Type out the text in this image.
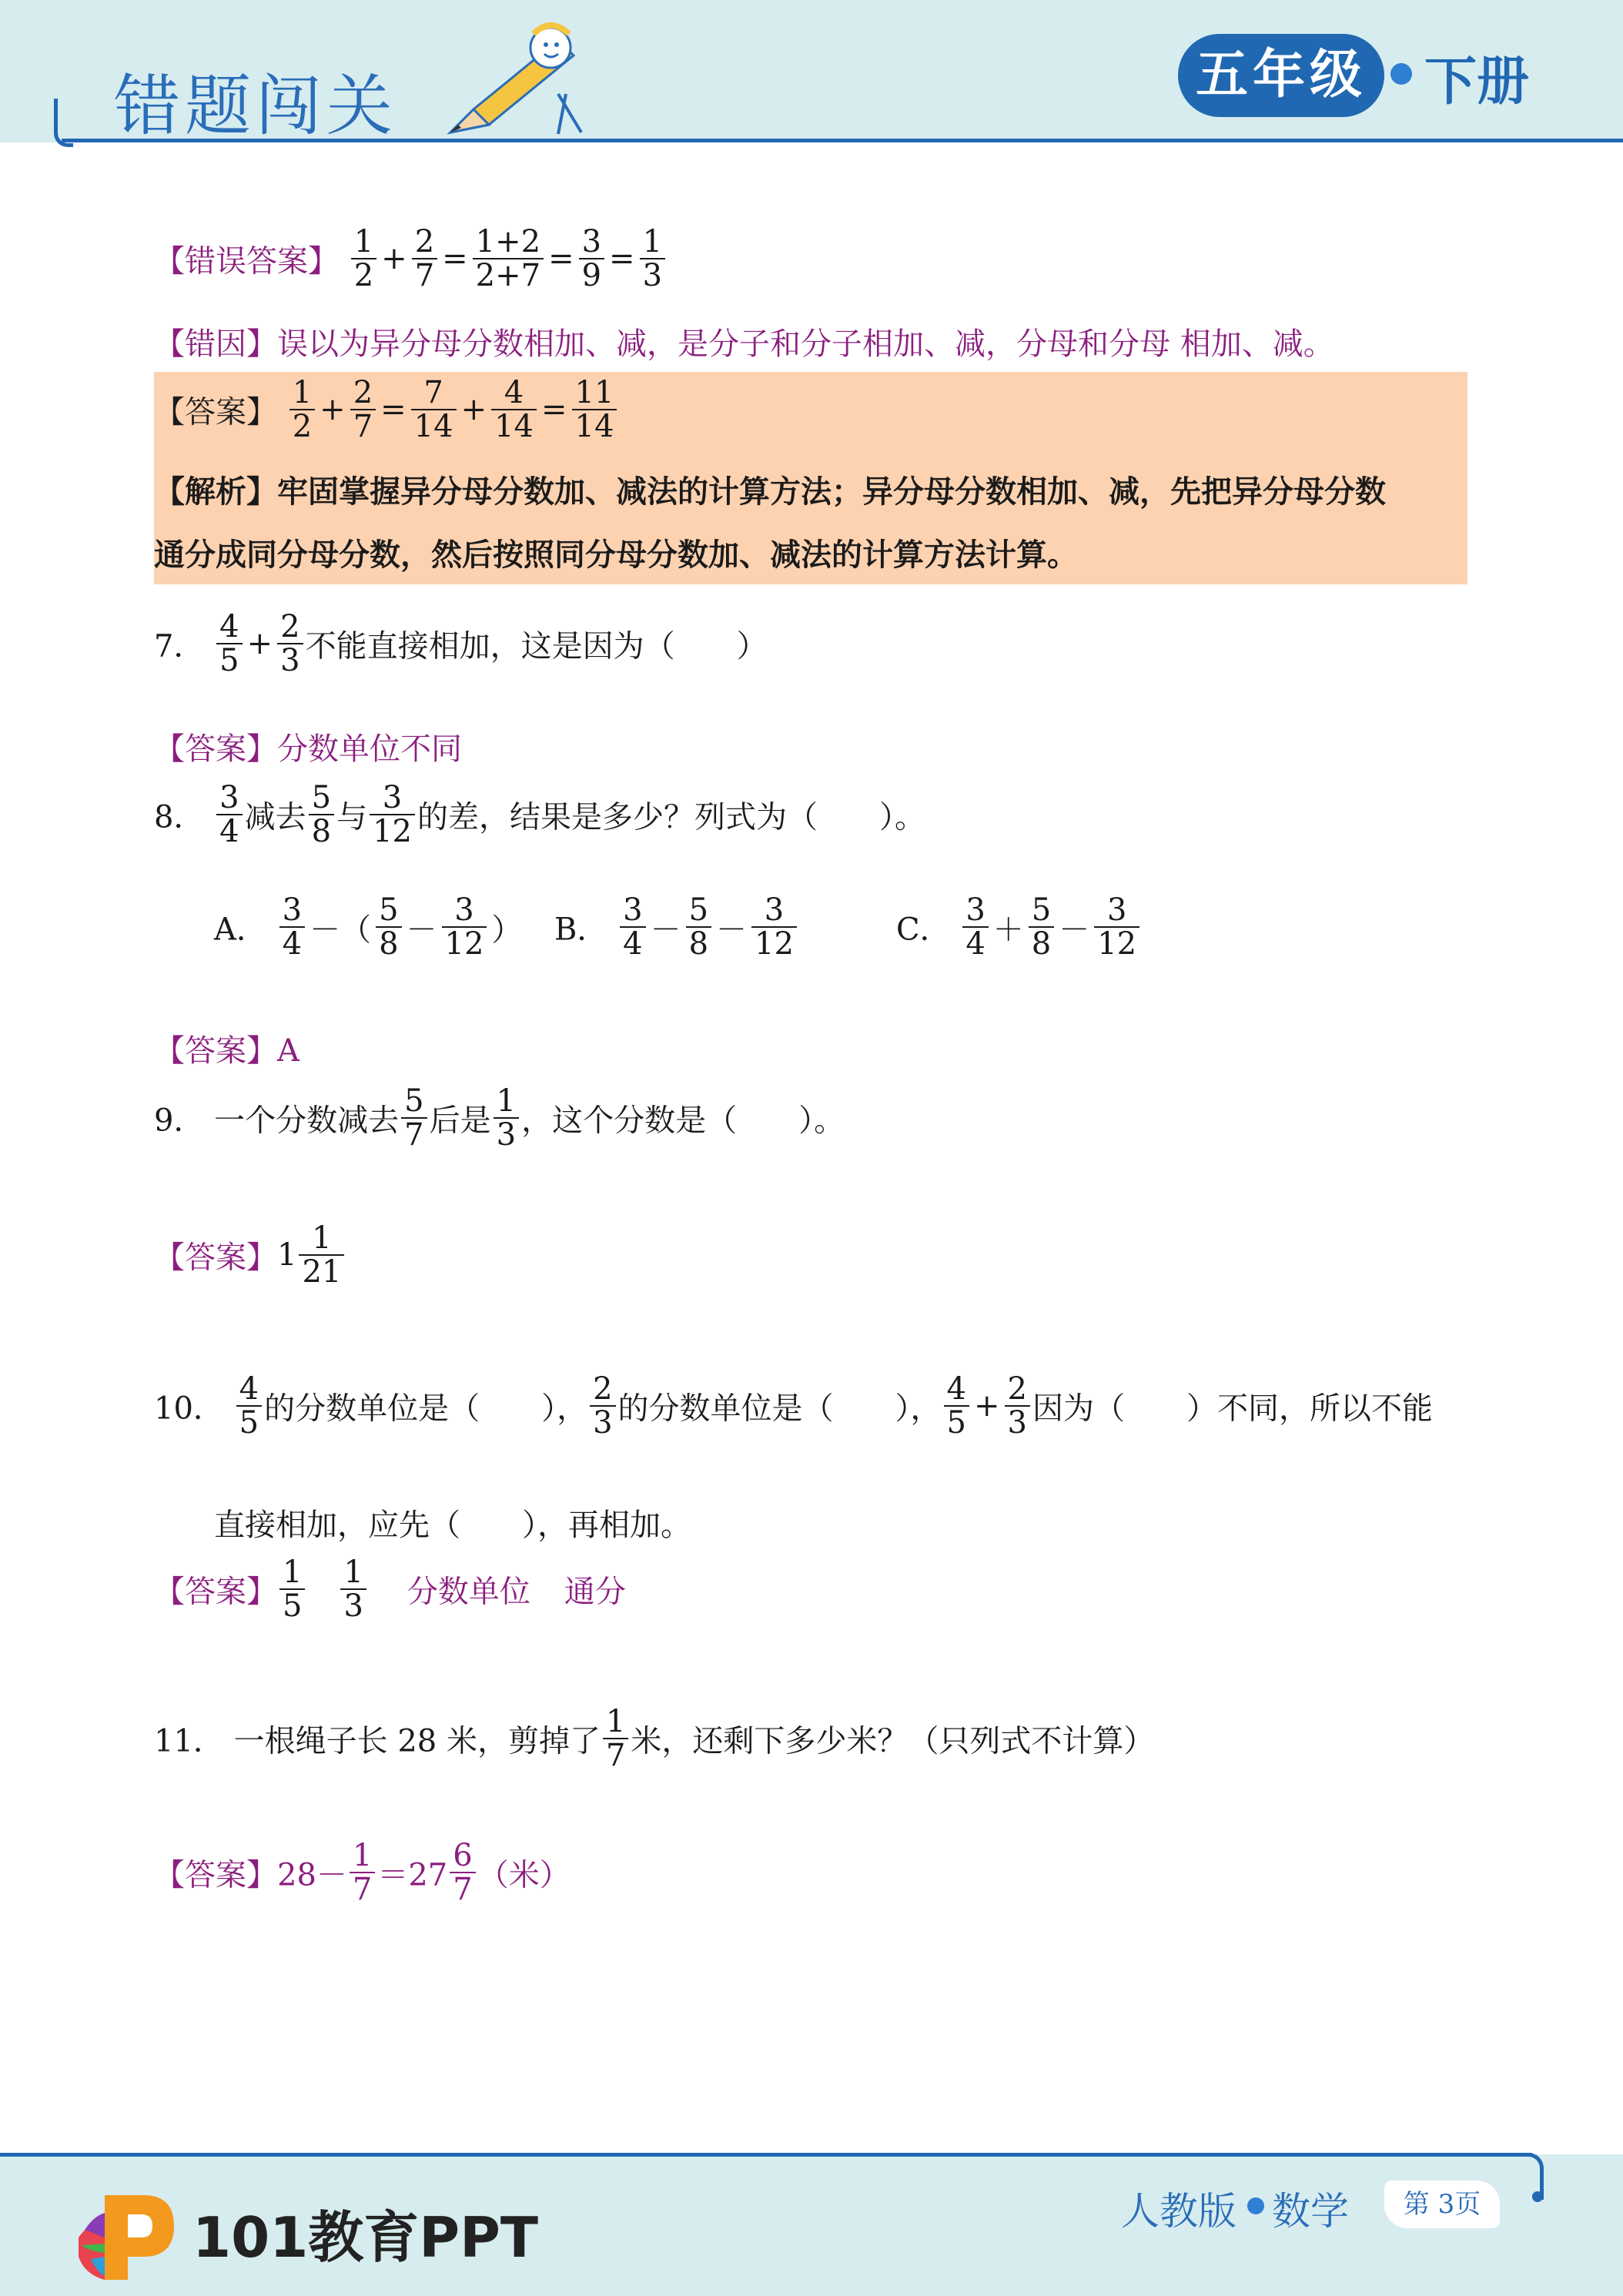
错题闯关	五年级	下册
【错误答案】 $\frac{1}{2} + \frac{2}{7} = \frac{1+2}{2+7} = \frac{3}{9} = \frac{1}{3}$
【错因】误以为异分母分数相加、减，是分子和分子相加、减，分母和分母 相加、减。
【答案】 $\frac{1}{2} + \frac{2}{7} = \frac{7}{14} + \frac{4}{14} = \frac{11}{14}$
【解析】牢固掌握异分母分数加、减法的计算方法；异分母分数相加、减，先把异分母分数
通分成同分母分数，然后按照同分母分数加、减法的计算方法计算。
7． $\frac{4}{5} + \frac{2}{3}$ 不能直接相加，这是因为（　　）
【答案】分数单位不同
8． $\frac{3}{4}$ 减去 $\frac{5}{8}$ 与 $\frac{3}{12}$ 的差，结果是多少？列式为（　　）。
A． $\frac{3}{4}$ －（ $\frac{5}{8} - \frac{3}{12}$ ） B． $\frac{3}{4} - \frac{5}{8} - \frac{3}{12}$	C． $\frac{3}{4} + \frac{5}{8} - \frac{3}{12}$
【答案】A
9． 一个分数减去 $\frac{5}{7}$ 后是 $\frac{1}{3}$ ，这个分数是（　　）。
【答案】$1 \frac{1}{21}$
10． $\frac{4}{5}$ 的分数单位是（　　）， $\frac{2}{3}$ 的分数单位是（　　）， $\frac{4}{5} + \frac{2}{3}$ 因为（　　）不同，所以不能
直接相加，应先（　　），再相加。
【答案】 $\frac{1}{5} \frac{1}{3}$ 分数单位 通分
11． 一根绳子长 28 米，剪掉了 $\frac{1}{7}$ 米，还剩下多少米？（只列式不计算）
【答案】$28- \frac{1}{7} =27 \frac{6}{7}$ （米）
101教育PPT	人教版 数学	第 3页
